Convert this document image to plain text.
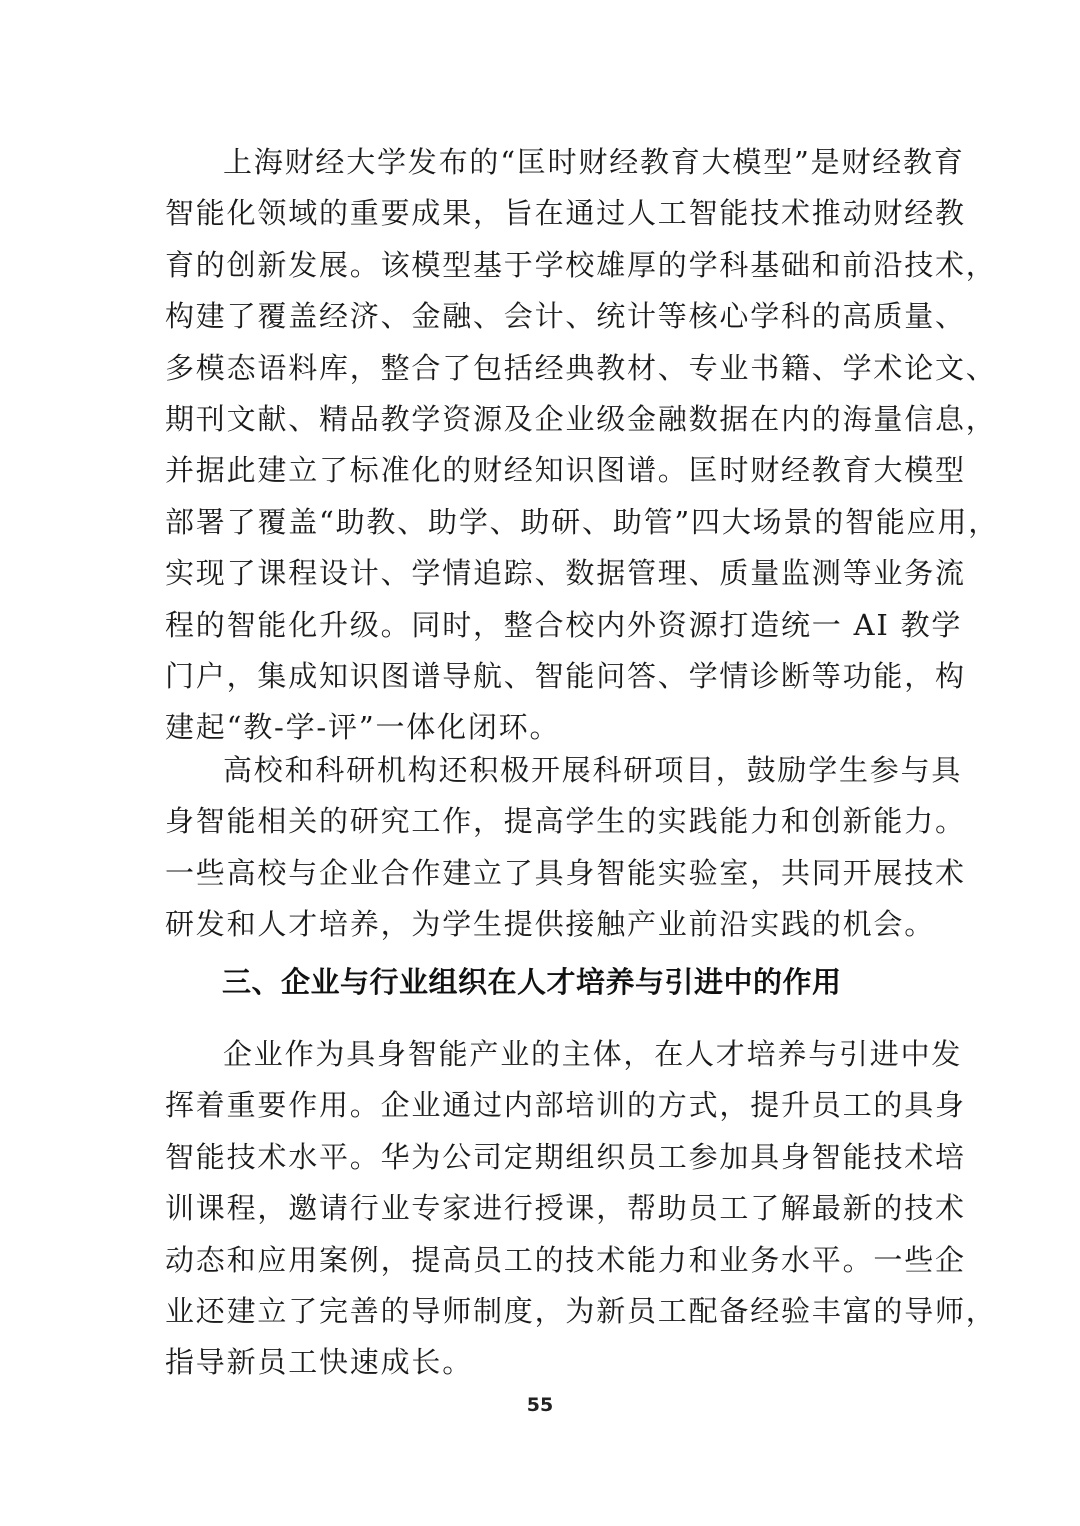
上海财经大学发布的“匡时财经教育大模型”是财经教育
智能化领域的重要成果，旨在通过人工智能技术推动财经教
育的创新发展。该模型基于学校雄厚的学科基础和前沿技术，
构建了覆盖经济、金融、会计、统计等核心学科的高质量、
多模态语料库，整合了包括经典教材、专业书籍、学术论文、
期刊文献、精品教学资源及企业级金融数据在内的海量信息，
并据此建立了标准化的财经知识图谱。匡时财经教育大模型
部署了覆盖“助教、助学、助研、助管”四大场景的智能应用，
实现了课程设计、学情追踪、数据管理、质量监测等业务流
程的智能化升级。同时，整合校内外资源打造统一 AI 教学
门户，集成知识图谱导航、智能问答、学情诊断等功能，构
建起“教-学-评”一体化闭环。
高校和科研机构还积极开展科研项目，鼓励学生参与具
身智能相关的研究工作，提高学生的实践能力和创新能力。
一些高校与企业合作建立了具身智能实验室，共同开展技术
研发和人才培养，为学生提供接触产业前沿实践的机会。
三、企业与行业组织在人才培养与引进中的作用
企业作为具身智能产业的主体，在人才培养与引进中发
挥着重要作用。企业通过内部培训的方式，提升员工的具身
智能技术水平。华为公司定期组织员工参加具身智能技术培
训课程，邀请行业专家进行授课，帮助员工了解最新的技术
动态和应用案例，提高员工的技术能力和业务水平。一些企
业还建立了完善的导师制度，为新员工配备经验丰富的导师，
指导新员工快速成长。
55
